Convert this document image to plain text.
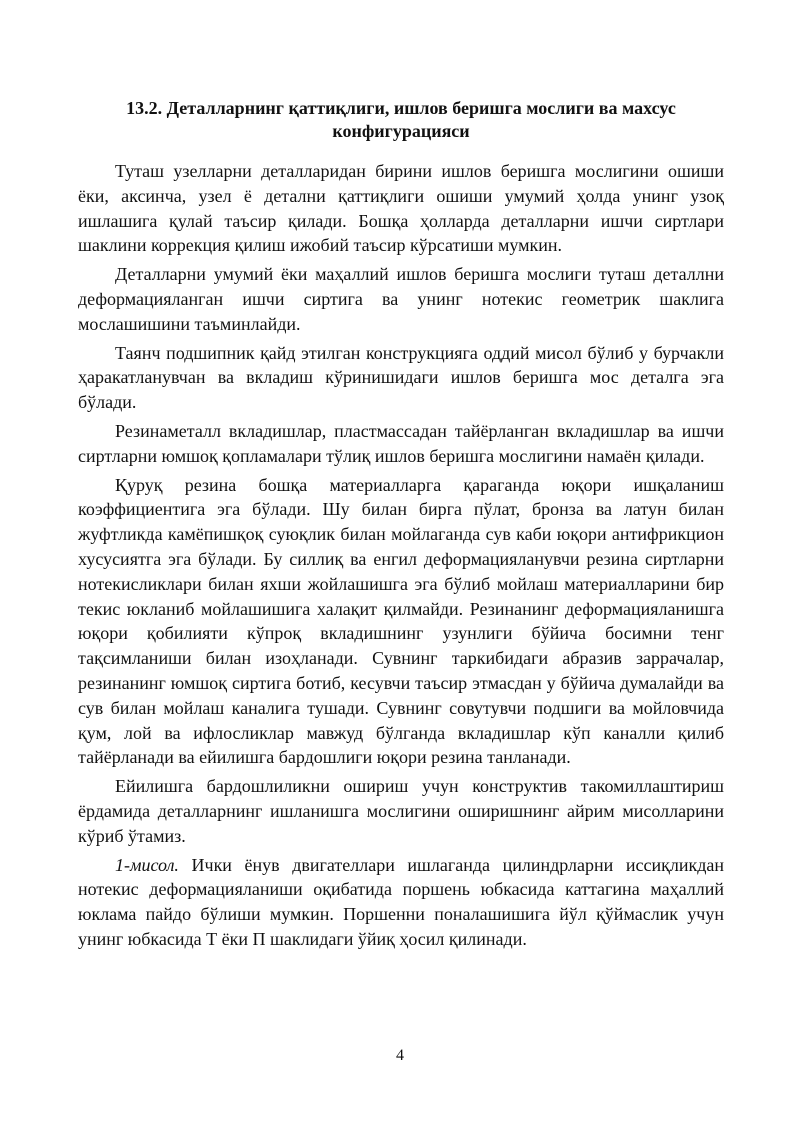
13.2. Деталларнинг қаттиқлиги, ишлов беришга мослиги ва махсус
конфигурацияси

Туташ узелларни деталларидан бирини ишлов беришга мослигини ошиши ёки, аксинча, узел ё детални қаттиқлиги ошиши умумий ҳолда унинг узоқ ишлашига қулай таъсир қилади. Бошқа ҳолларда деталларни ишчи сиртлари шаклини коррекция қилиш ижобий таъсир кўрсатиши мумкин.

Деталларни умумий ёки маҳаллий ишлов беришга мослиги туташ деталлни деформацияланган ишчи сиртига ва унинг нотекис геометрик шаклига мослашишини таъминлайди.

Таянч подшипник қайд этилган конструкцияга оддий мисол бўлиб у бурчакли ҳаракатланувчан ва вкладиш кўринишидаги ишлов беришга мос деталга эга бўлади.

Резинаметалл вкладишлар, пластмассадан тайёрланган вкладишлар ва ишчи сиртларни юмшоқ қопламалари тўлиқ ишлов беришга мослигини намаён қилади.

Қуруқ резина бошқа материалларга қараганда юқори ишқаланиш коэффициентига эга бўлади. Шу билан бирга пўлат, бронза ва латун билан жуфтликда камёпишқоқ суюқлик билан мойлаганда сув каби юқори антифрикцион хусусиятга эга бўлади. Бу силлиқ ва енгил деформацияланувчи резина сиртларни нотекисликлари билан яхши жойлашишга эга бўлиб мойлаш материалларини бир текис юкланиб мойлашишига халақит қилмайди. Резинанинг деформацияланишга юқори қобилияти кўпроқ вкладишнинг узунлиги бўйича босимни тенг тақсимланиши билан изоҳланади. Сувнинг таркибидаги абразив заррачалар, резинанинг юмшоқ сиртига ботиб, кесувчи таъсир этмасдан у бўйича думалайди ва сув билан мойлаш каналига тушади. Сувнинг совутувчи подшиги ва мойловчида қум, лой ва ифлосликлар мавжуд бўлганда вкладишлар кўп каналли қилиб тайёрланади ва ейилишга бардошлиги юқори резина танланади.

Ейилишга бардошлиликни ошириш учун конструктив такомиллаштириш ёрдамида деталларнинг ишланишга мослигини оширишнинг айрим мисолларини кўриб ўтамиз.

1-мисол. Ички ёнув двигателлари ишлаганда цилиндрларни иссиқликдан нотекис деформацияланиши оқибатида поршень юбкасида каттагина маҳаллий юклама пайдо бўлиши мумкин. Поршенни поналашишига йўл қўймаслик учун унинг юбкасида Т ёки П шаклидаги ўйиқ ҳосил қилинади.

4
